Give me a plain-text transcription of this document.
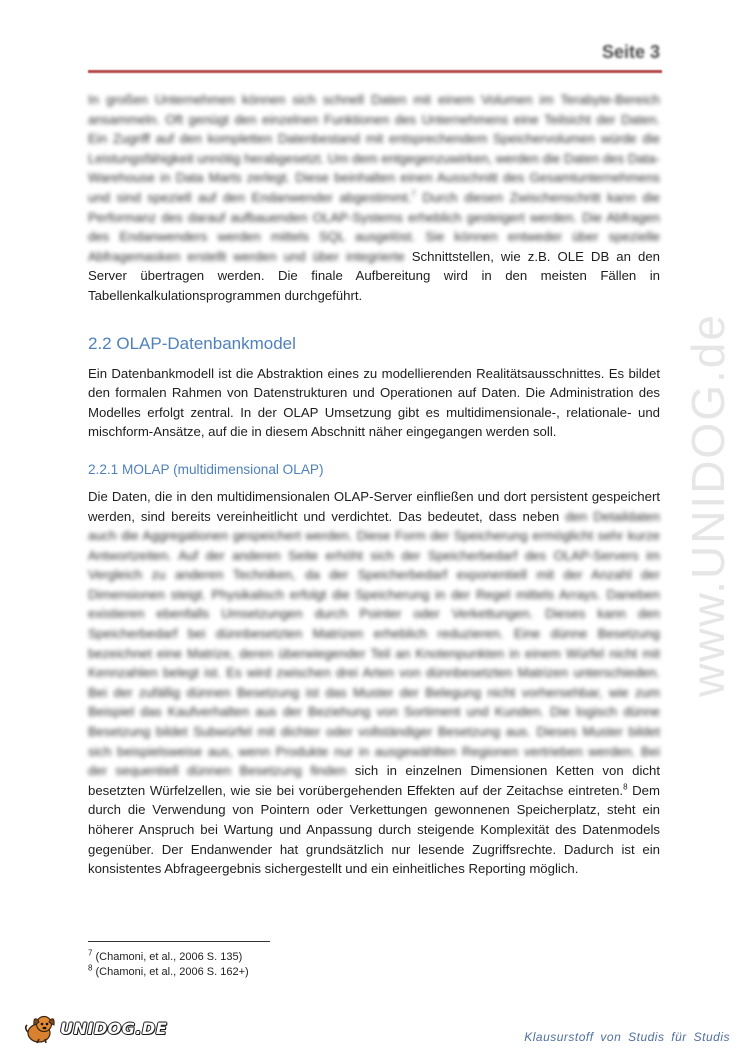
www.UNIDOG.de
Seite 3

In großen Unternehmen können sich schnell Daten mit einem Volumen im Terabyte-Bereich ansammeln. Oft genügt den einzelnen Funktionen des Unternehmens eine Teilsicht der Daten. Ein Zugriff auf den kompletten Datenbestand mit entsprechendem Speichervolumen würde die Leistungsfähigkeit unnötig herabgesetzt. Um dem entgegenzuwirken, werden die Daten des Data-Warehouse in Data Marts zerlegt. Diese beinhalten einen Ausschnitt des Gesamtunternehmens und sind speziell auf den Endanwender abgestimmt.$^7$ Durch diesen Zwischenschritt kann die Performanz des darauf aufbauenden OLAP-Systems erheblich gesteigert werden. Die Abfragen des Endanwenders werden mittels SQL ausgelöst. Sie können entweder über spezielle Abfragemasken erstellt werden und über integrierte Schnittstellen, wie z.B. OLE DB an den Server übertragen werden. Die finale Aufbereitung wird in den meisten Fällen in Tabellenkalkulationsprogrammen durchgeführt.

2.2 OLAP-Datenbankmodel

Ein Datenbankmodell ist die Abstraktion eines zu modellierenden Realitätsausschnittes. Es bildet den formalen Rahmen von Datenstrukturen und Operationen auf Daten. Die Administration des Modelles erfolgt zentral. In der OLAP Umsetzung gibt es multidimensionale-, relationale- und mischform-Ansätze, auf die in diesem Abschnitt näher eingegangen werden soll.

2.2.1 MOLAP (multidimensional OLAP)

Die Daten, die in den multidimensionalen OLAP-Server einfließen und dort persistent gespeichert werden, sind bereits vereinheitlicht und verdichtet. Das bedeutet, dass neben den Detaildaten auch die Aggregationen gespeichert werden. Diese Form der Speicherung ermöglicht sehr kurze Antwortzeiten. Auf der anderen Seite erhöht sich der Speicherbedarf des OLAP-Servers im Vergleich zu anderen Techniken, da der Speicherbedarf exponentiell mit der Anzahl der Dimensionen steigt. Physikalisch erfolgt die Speicherung in der Regel mittels Arrays. Daneben existieren ebenfalls Umsetzungen durch Pointer oder Verkettungen. Dieses kann den Speicherbedarf bei dünnbesetzten Matrizen erheblich reduzieren. Eine dünne Besetzung bezeichnet eine Matrize, deren überwiegender Teil an Knotenpunkten in einem Würfel nicht mit Kennzahlen belegt ist. Es wird zwischen drei Arten von dünnbesetzten Matrizen unterschieden. Bei der zufällig dünnen Besetzung ist das Muster der Belegung nicht vorhersehbar, wie zum Beispiel das Kaufverhalten aus der Beziehung von Sortiment und Kunden. Die logisch dünne Besetzung bildet Subwürfel mit dichter oder vollständiger Besetzung aus. Dieses Muster bildet sich beispielsweise aus, wenn Produkte nur in ausgewählten Regionen vertrieben werden. Bei der sequentiell dünnen Besetzung finden sich in einzelnen Dimensionen Ketten von dicht besetzten Würfelzellen, wie sie bei vorübergehenden Effekten auf der Zeitachse eintreten.$^8$ Dem durch die Verwendung von Pointern oder Verkettungen gewonnenen Speicherplatz, steht ein höherer Anspruch bei Wartung und Anpassung durch steigende Komplexität des Datenmodels gegenüber. Der Endanwender hat grundsätzlich nur lesende Zugriffsrechte. Dadurch ist ein konsistentes Abfrageergebnis sichergestellt und ein einheitliches Reporting möglich.

$^7$ (Chamoni, et al., 2006 S. 135)

$^8$ (Chamoni, et al., 2006 S. 162+)

UNIDOG.DE	Klausurstoff von Studis für Studis
